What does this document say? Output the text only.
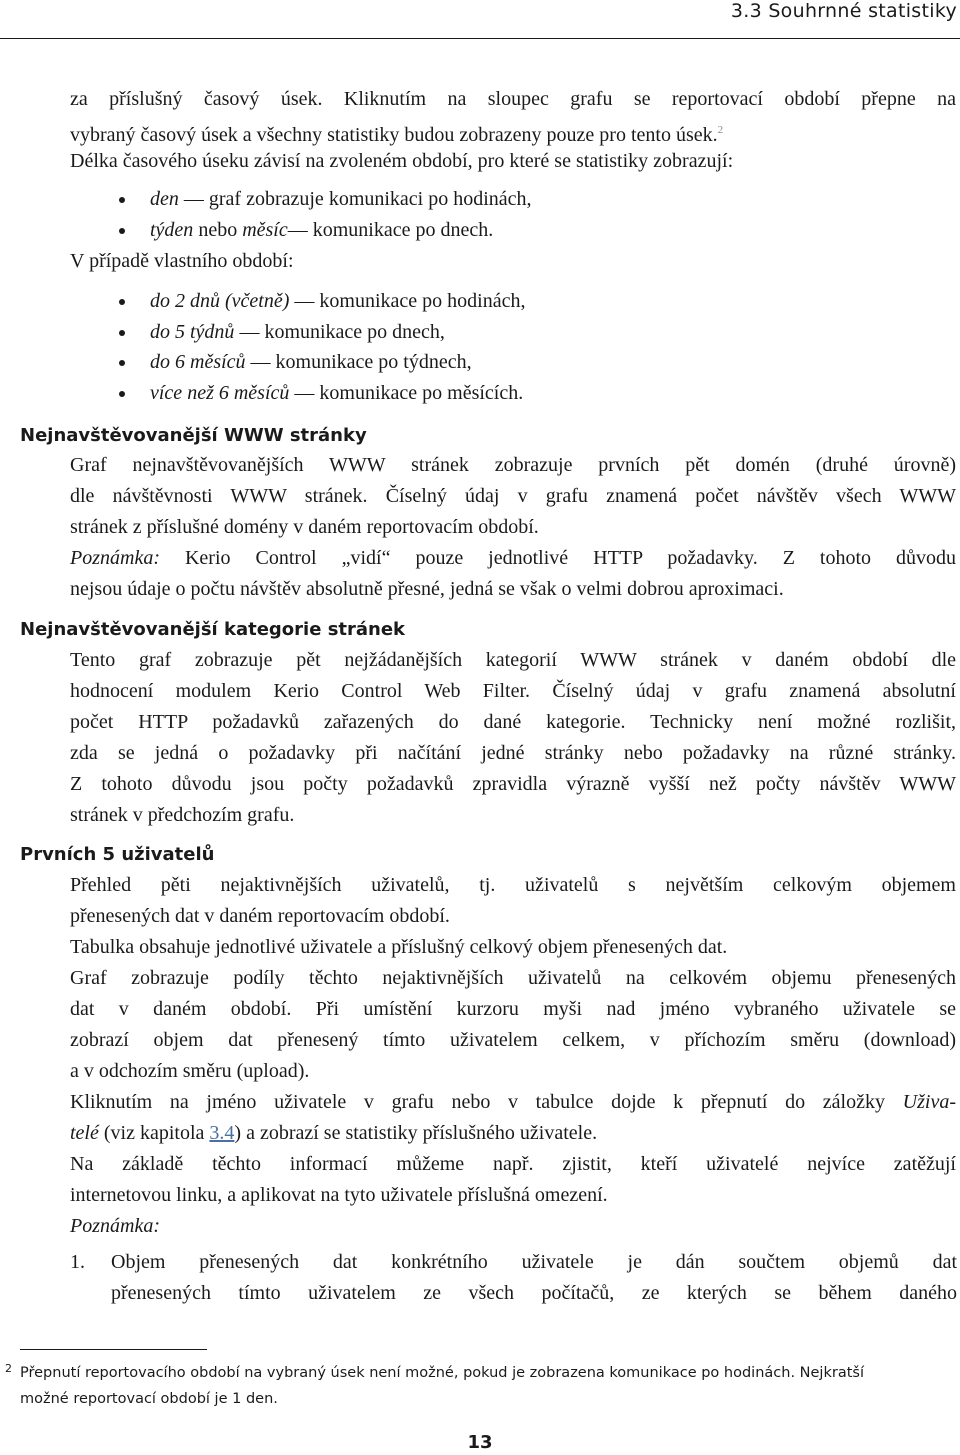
3.3 Souhrnné statistiky
za příslušný časový úsek. Kliknutím na sloupec grafu se reportovací období přepne na
vybraný časový úsek a všechny statistiky budou zobrazeny pouze pro tento úsek.$^2$
Délka časového úseku závisí na zvoleném období, pro které se statistiky zobrazují:
den — graf zobrazuje komunikaci po hodinách,
týden nebo měsíc— komunikace po dnech.
V případě vlastního období:
do 2 dnů (včetně) — komunikace po hodinách,
do 5 týdnů — komunikace po dnech,
do 6 měsíců — komunikace po týdnech,
více než 6 měsíců — komunikace po měsících.
Nejnavštěvovanější WWW stránky
Graf nejnavštěvovanějších WWW stránek zobrazuje prvních pět domén (druhé úrovně)
dle návštěvnosti WWW stránek. Číselný údaj v grafu znamená počet návštěv všech WWW
stránek z příslušné domény v daném reportovacím období.
Poznámka: Kerio Control „vidí“ pouze jednotlivé HTTP požadavky. Z tohoto důvodu
nejsou údaje o počtu návštěv absolutně přesné, jedná se však o velmi dobrou aproximaci.
Nejnavštěvovanější kategorie stránek
Tento graf zobrazuje pět nejžádanějších kategorií WWW stránek v daném období dle
hodnocení modulem Kerio Control Web Filter. Číselný údaj v grafu znamená absolutní
počet HTTP požadavků zařazených do dané kategorie. Technicky není možné rozlišit,
zda se jedná o požadavky při načítání jedné stránky nebo požadavky na různé stránky.
Z tohoto důvodu jsou počty požadavků zpravidla výrazně vyšší než počty návštěv WWW
stránek v předchozím grafu.
Prvních 5 uživatelů
Přehled pěti nejaktivnějších uživatelů, tj. uživatelů s největším celkovým objemem
přenesených dat v daném reportovacím období.
Tabulka obsahuje jednotlivé uživatele a příslušný celkový objem přenesených dat.
Graf zobrazuje podíly těchto nejaktivnějších uživatelů na celkovém objemu přenesených
dat v daném období. Při umístění kurzoru myši nad jméno vybraného uživatele se
zobrazí objem dat přenesený tímto uživatelem celkem, v příchozím směru (download)
a v odchozím směru (upload).
Kliknutím na jméno uživatele v grafu nebo v tabulce dojde k přepnutí do záložky Uživa-
telé (viz kapitola 3.4) a zobrazí se statistiky příslušného uživatele.
Na základě těchto informací můžeme např. zjistit, kteří uživatelé nejvíce zatěžují
internetovou linku, a aplikovat na tyto uživatele příslušná omezení.
Poznámka:
1. Objem přenesených dat konkrétního uživatele je dán součtem objemů dat
přenesených tímto uživatelem ze všech počítačů, ze kterých se během daného
2 Přepnutí reportovacího období na vybraný úsek není možné, pokud je zobrazena komunikace po hodinách. Nejkratší
možné reportovací období je 1 den.
13
